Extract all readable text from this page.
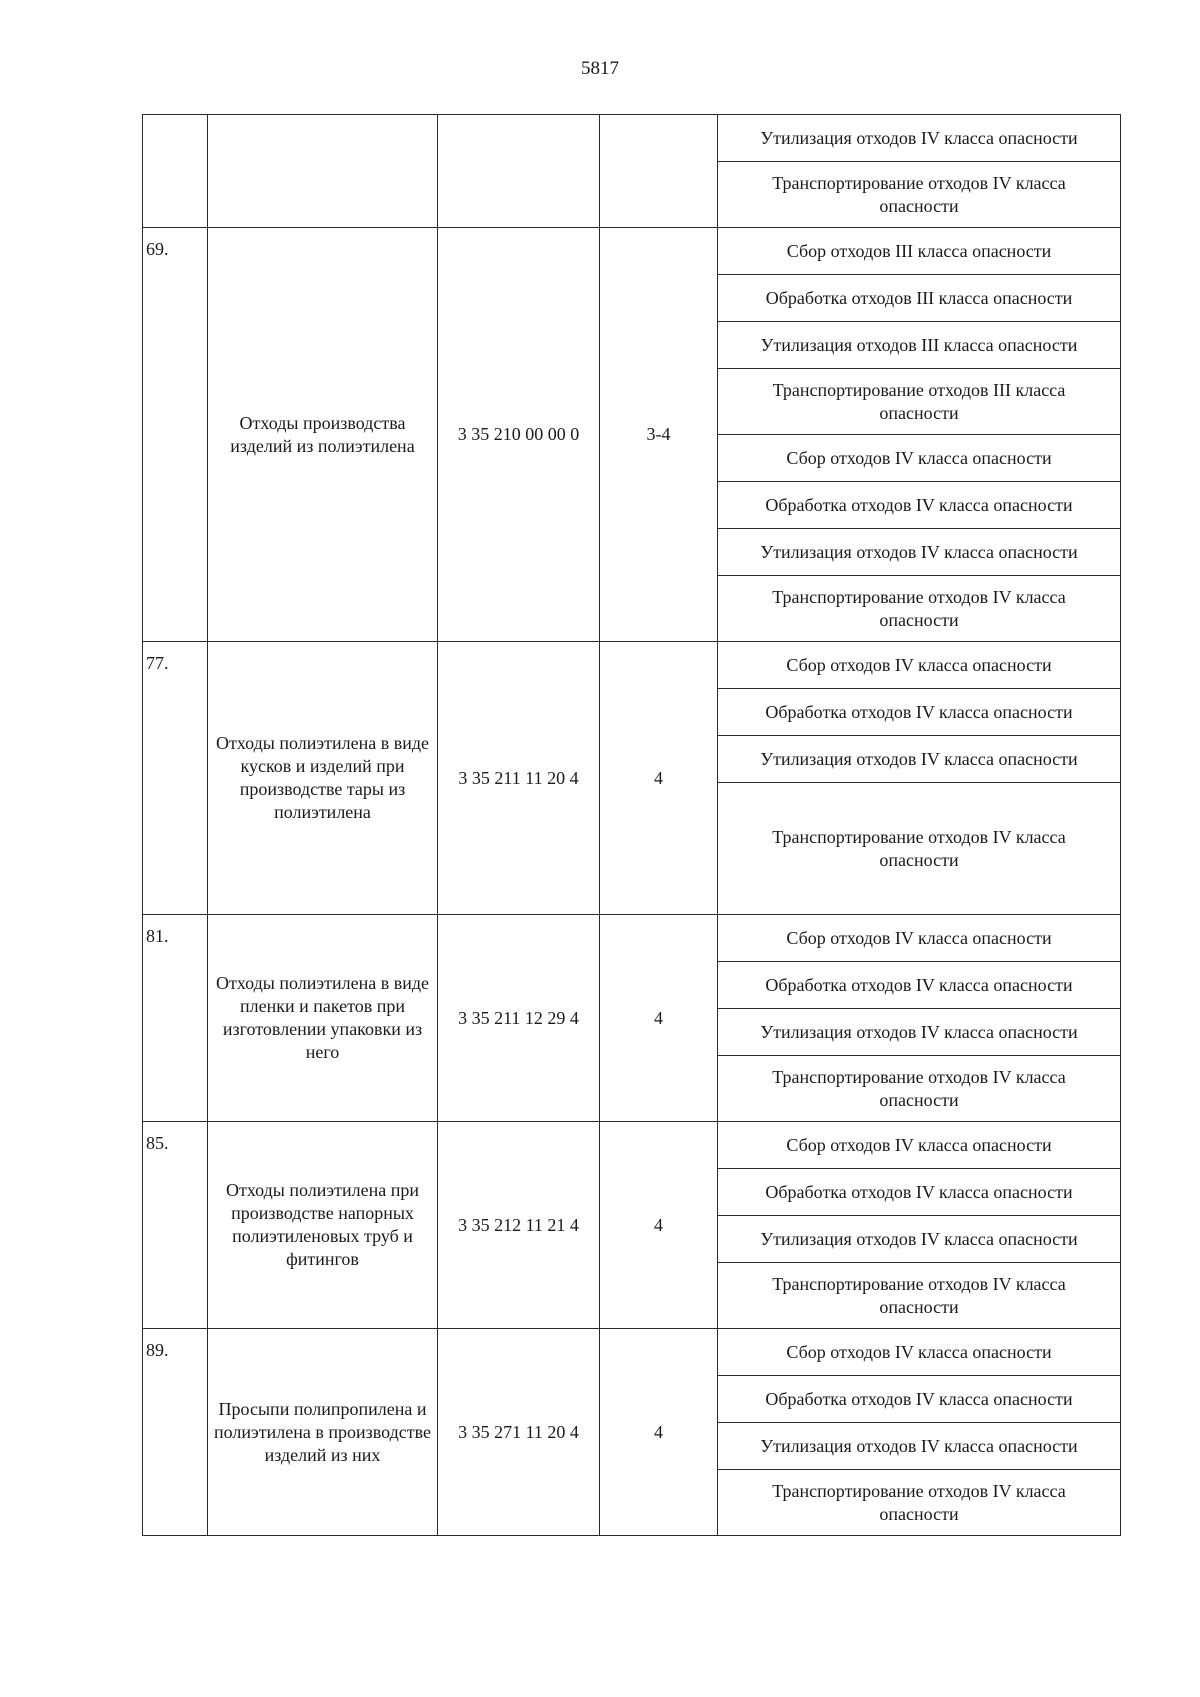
5817
				Утилизация отходов IV класса опасности
				Транспортирование отходов IV класса опасности
69.	Отходы производства изделий из полиэтилена	3 35 210 00 00 0	3-4	Сбор отходов III класса опасности
				Обработка отходов III класса опасности
				Утилизация отходов III класса опасности
				Транспортирование отходов III класса опасности
				Сбор отходов IV класса опасности
				Обработка отходов IV класса опасности
				Утилизация отходов IV класса опасности
				Транспортирование отходов IV класса опасности
77.	Отходы полиэтилена в виде кусков и изделий при производстве тары из полиэтилена	3 35 211 11 20 4	4	Сбор отходов IV класса опасности
				Обработка отходов IV класса опасности
				Утилизация отходов IV класса опасности
				Транспортирование отходов IV класса опасности
81.	Отходы полиэтилена в виде пленки и пакетов при изготовлении упаковки из него	3 35 211 12 29 4	4	Сбор отходов IV класса опасности
				Обработка отходов IV класса опасности
				Утилизация отходов IV класса опасности
				Транспортирование отходов IV класса опасности
85.	Отходы полиэтилена при производстве напорных полиэтиленовых труб и фитингов	3 35 212 11 21 4	4	Сбор отходов IV класса опасности
				Обработка отходов IV класса опасности
				Утилизация отходов IV класса опасности
				Транспортирование отходов IV класса опасности
89.	Просыпи полипропилена и полиэтилена в производстве изделий из них	3 35 271 11 20 4	4	Сбор отходов IV класса опасности
				Обработка отходов IV класса опасности
				Утилизация отходов IV класса опасности
				Транспортирование отходов IV класса опасности
